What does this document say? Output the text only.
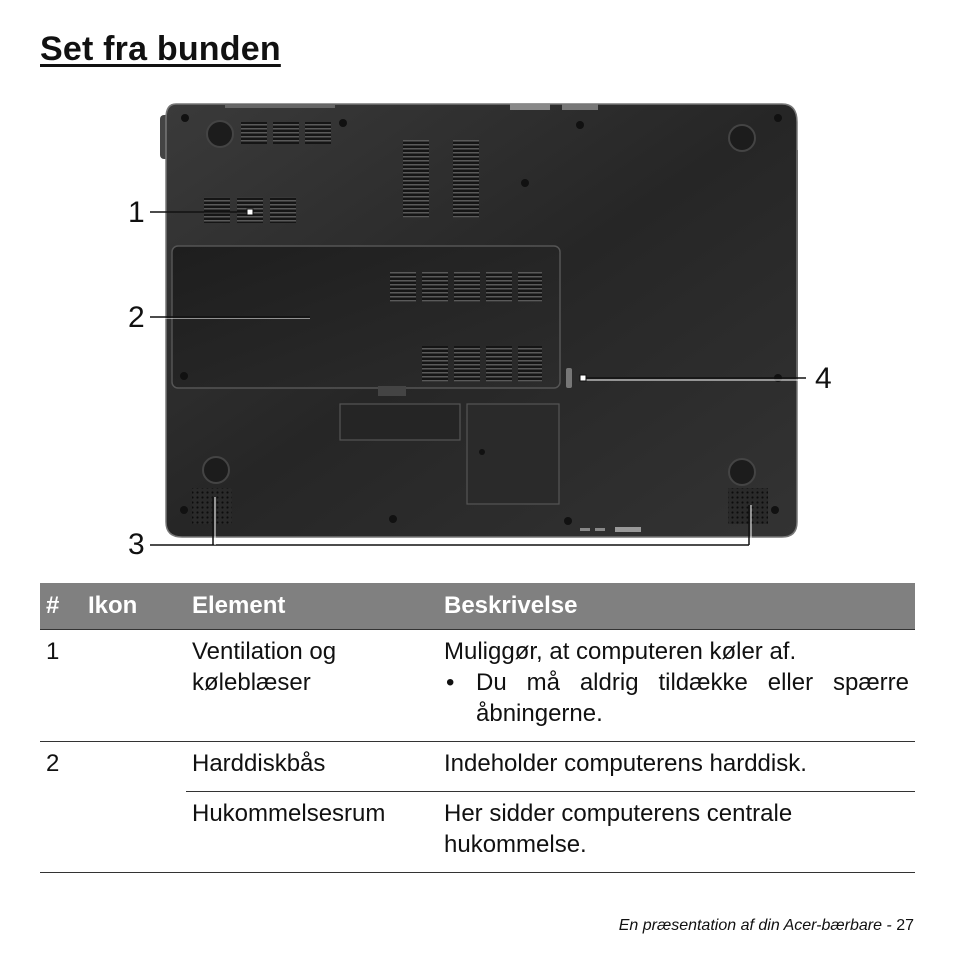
Set fra bunden
1
2
3
4
#	Ikon	Element	Beskrivelse
1		Ventilation og køleblæser	Muliggør, at computeren køler af.
• Du må aldrig tildække eller spærre åbningerne.

2		Harddiskbås	Indeholder computerens harddisk.
		Hukommelsesrum	Her sidder computerens centrale hukommelse.
En præsentation af din Acer-bærbare - 27
